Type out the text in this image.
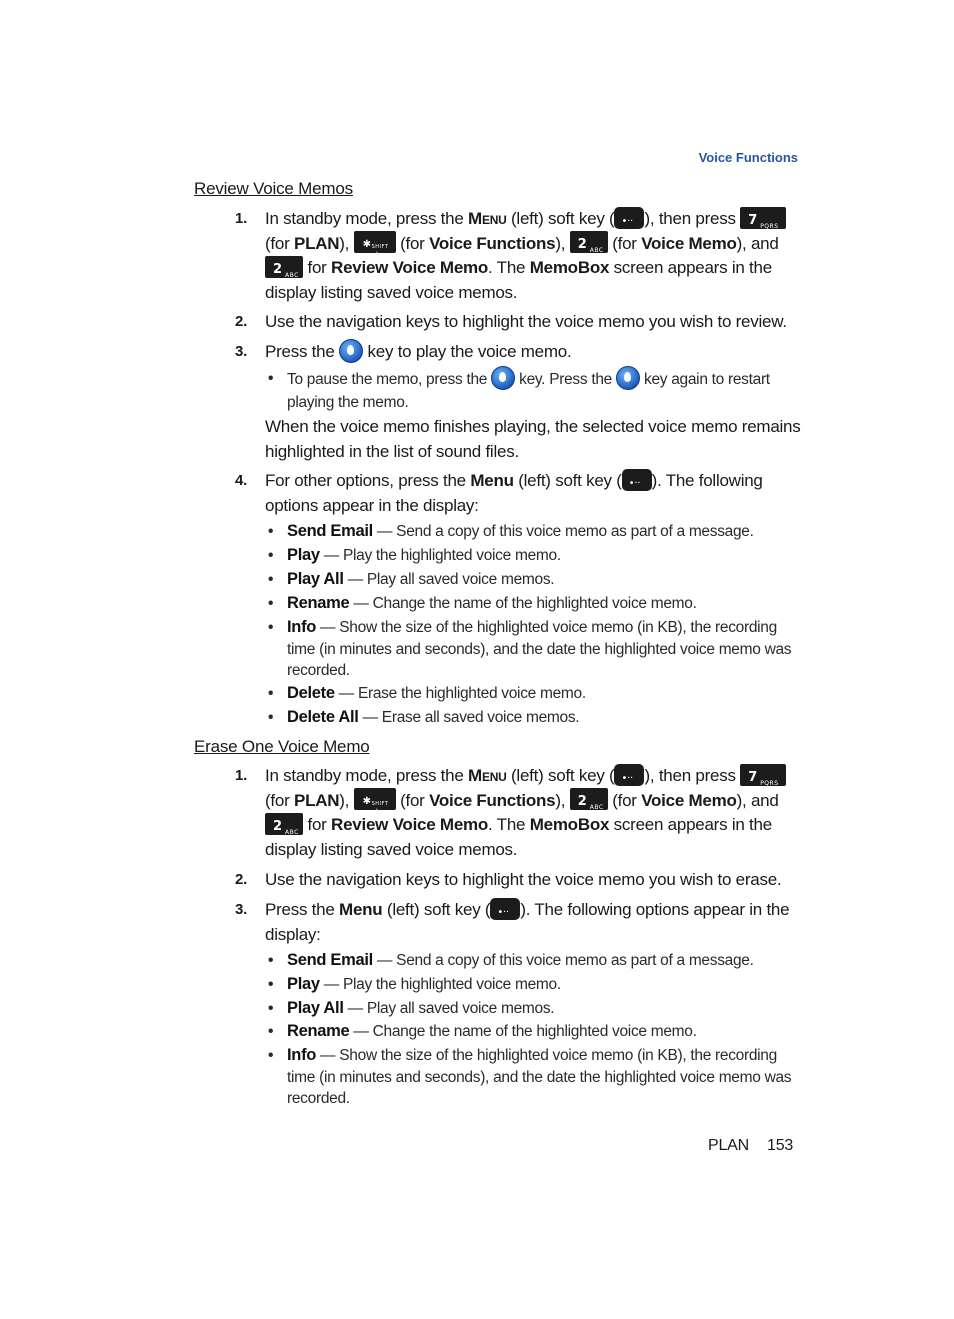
Voice Functions
Review Voice Memos
1. In standby mode, press the Menu (left) soft key ( •·· ), then press 7 PQRS

(for PLAN), ✱ SHIFT
♮
(for Voice Functions), 2 ABC (for Voice Memo), and

2 ABC for Review Voice Memo. The MemoBox screen appears in the display listing saved voice memos.
2. Use the navigation keys to highlight the voice memo you wish to review.
3. Press the  key to play the voice memo.
• To pause the memo, press the  key. Press the  key again to restart playing the memo.
When the voice memo finishes playing, the selected voice memo remains highlighted in the list of sound files.
4. For other options, press the Menu (left) soft key ( •·· ). The following options appear in the display:
• Send Email — Send a copy of this voice memo as part of a message.
• Play — Play the highlighted voice memo.
• Play All — Play all saved voice memos.
• Rename — Change the name of the highlighted voice memo.
• Info — Show the size of the highlighted voice memo (in KB), the recording time (in minutes and seconds), and the date the highlighted voice memo was recorded.
• Delete — Erase the highlighted voice memo.
• Delete All — Erase all saved voice memos.
Erase One Voice Memo
1. In standby mode, press the Menu (left) soft key ( •·· ), then press 7 PQRS

(for PLAN), ✱ SHIFT
♮
(for Voice Functions), 2 ABC (for Voice Memo), and

2 ABC for Review Voice Memo. The MemoBox screen appears in the display listing saved voice memos.
2. Use the navigation keys to highlight the voice memo you wish to erase.
3. Press the Menu (left) soft key ( •·· ). The following options appear in the display:
• Send Email — Send a copy of this voice memo as part of a message.
• Play — Play the highlighted voice memo.
• Play All — Play all saved voice memos.
• Rename — Change the name of the highlighted voice memo.
• Info — Show the size of the highlighted voice memo (in KB), the recording time (in minutes and seconds), and the date the highlighted voice memo was recorded.
PLAN 153
